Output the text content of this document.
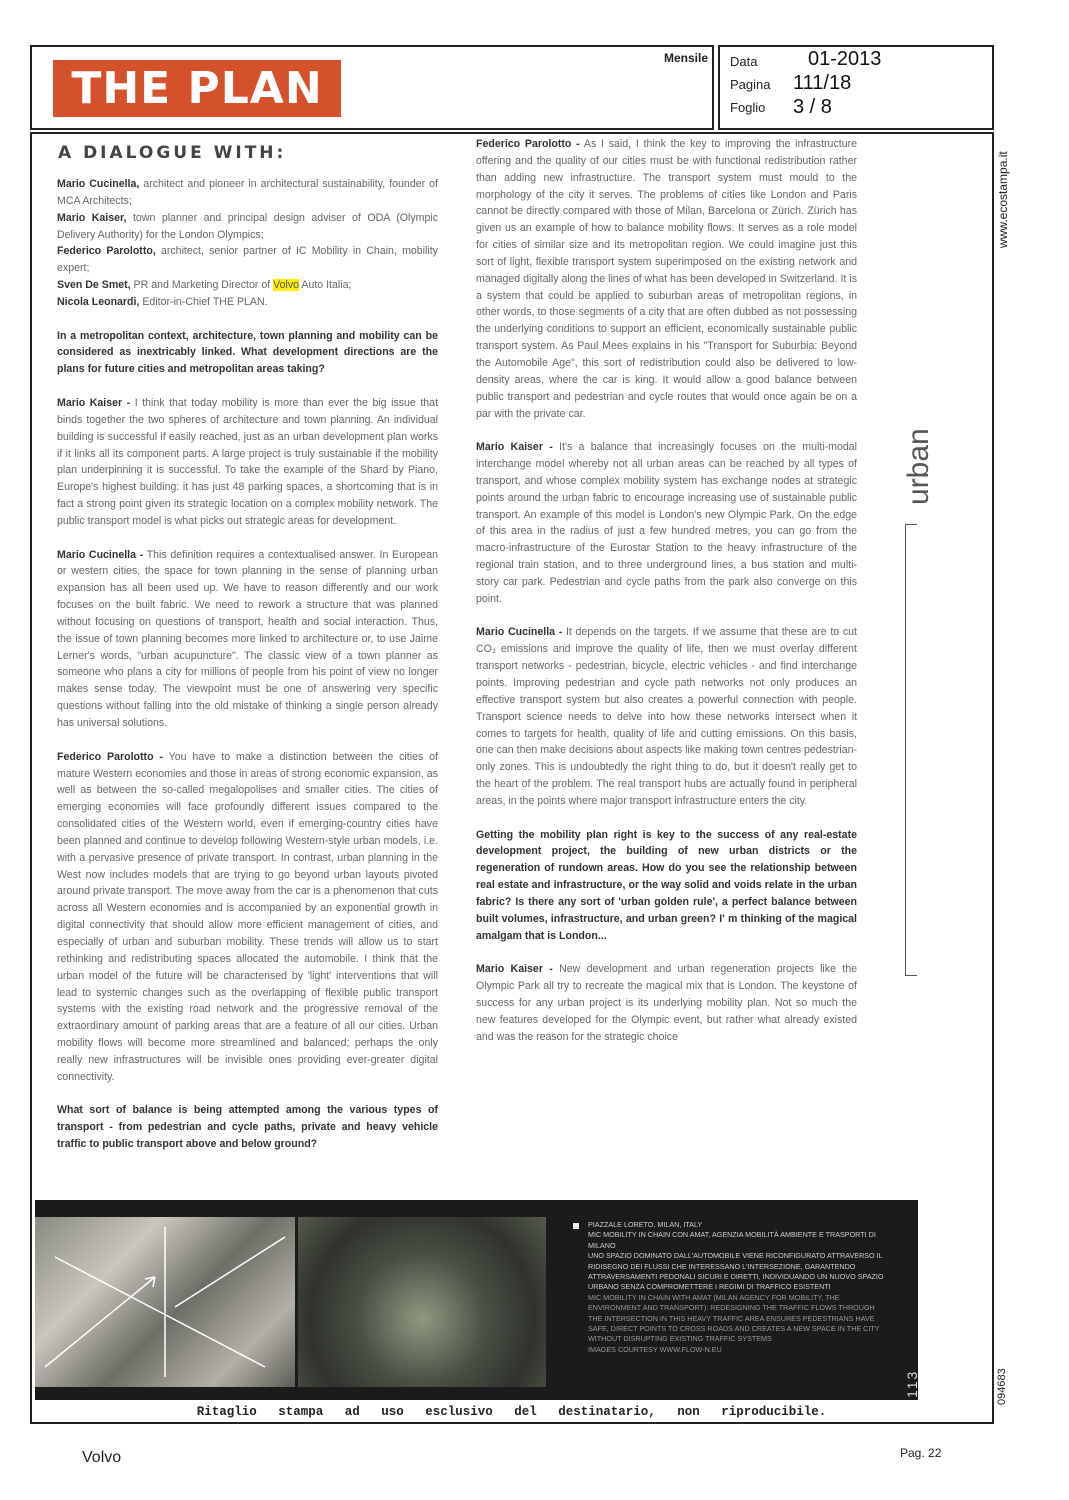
THE PLAN
Mensile Data	01-2013
Pagina 111/18
Foglio 3 / 8
www.ecostampa.it
094683
urban
A DIALOGUE WITH:

Mario Cucinella, architect and pioneer in architectural sustainability, founder of MCA Architects;
Mario Kaiser, town planner and principal design adviser of ODA (Olympic Delivery Authority) for the London Olympics;
Federico Parolotto, architect, senior partner of IC Mobility in Chain, mobility expert;
Sven De Smet, PR and Marketing Director of Volvo Auto Italia;
Nicola Leonardi, Editor-in-Chief THE PLAN.

In a metropolitan context, architecture, town planning and mobility can be considered as inextricably linked. What development directions are the plans for future cities and metropolitan areas taking?

Mario Kaiser - I think that today mobility is more than ever the big issue that binds together the two spheres of architecture and town planning. An individual building is successful if easily reached, just as an urban development plan works if it links all its component parts. A large project is truly sustainable if the mobility plan underpinning it is successful. To take the example of the Shard by Piano, Europe's highest building: it has just 48 parking spaces, a shortcoming that is in fact a strong point given its strategic location on a complex mobility network. The public transport model is what picks out strategic areas for development.

Mario Cucinella - This definition requires a contextualised answer. In European or western cities, the space for town planning in the sense of planning urban expansion has all been used up. We have to reason differently and our work focuses on the built fabric. We need to rework a structure that was planned without focusing on questions of transport, health and social interaction. Thus, the issue of town planning becomes more linked to architecture or, to use Jaime Lerner's words, "urban acupuncture". The classic view of a town planner as someone who plans a city for millions of people from his point of view no longer makes sense today. The viewpoint must be one of answering very specific questions without falling into the old mistake of thinking a single person already has universal solutions.

Federico Parolotto - You have to make a distinction between the cities of mature Western economies and those in areas of strong economic expansion, as well as between the so-called megalopolises and smaller cities. The cities of emerging economies will face profoundly different issues compared to the consolidated cities of the Western world, even if emerging-country cities have been planned and continue to develop following Western-style urban models, i.e. with a pervasive presence of private transport. In contrast, urban planning in the West now includes models that are trying to go beyond urban layouts pivoted around private transport. The move away from the car is a phenomenon that cuts across all Western economies and is accompanied by an exponential growth in digital connectivity that should allow more efficient management of cities, and especially of urban and suburban mobility. These trends will allow us to start rethinking and redistributing spaces allocated the automobile. I think that the urban model of the future will be characterised by 'light' interventions that will lead to systemic changes such as the overlapping of flexible public transport systems with the existing road network and the progressive removal of the extraordinary amount of parking areas that are a feature of all our cities. Urban mobility flows will become more streamlined and balanced; perhaps the only really new infrastructures will be invisible ones providing ever-greater digital connectivity.

What sort of balance is being attempted among the various types of transport - from pedestrian and cycle paths, private and heavy vehicle traffic to public transport above and below ground?

Federico Parolotto - As I said, I think the key to improving the infrastructure offering and the quality of our cities must be with functional redistribution rather than adding new infrastructure. The transport system must mould to the morphology of the city it serves. The problems of cities like London and Paris cannot be directly compared with those of Milan, Barcelona or Zürich. Zürich has given us an example of how to balance mobility flows. It serves as a role model for cities of similar size and its metropolitan region. We could imagine just this sort of light, flexible transport system superimposed on the existing network and managed digitally along the lines of what has been developed in Switzerland. It is a system that could be applied to suburban areas of metropolitan regions, in other words, to those segments of a city that are often dubbed as not possessing the underlying conditions to support an efficient, economically sustainable public transport system. As Paul Mees explains in his "Transport for Suburbia: Beyond the Automobile Age", this sort of redistribution could also be delivered to low-density areas, where the car is king. It would allow a good balance between public transport and pedestrian and cycle routes that would once again be on a par with the private car.

Mario Kaiser - It's a balance that increasingly focuses on the multi-modal interchange model whereby not all urban areas can be reached by all types of transport, and whose complex mobility system has exchange nodes at strategic points around the urban fabric to encourage increasing use of sustainable public transport. An example of this model is London's new Olympic Park. On the edge of this area in the radius of just a few hundred metres, you can go from the macro-infrastructure of the Eurostar Station to the heavy infrastructure of the regional train station, and to three underground lines, a bus station and multi-story car park. Pedestrian and cycle paths from the park also converge on this point.

Mario Cucinella - It depends on the targets. If we assume that these are to cut CO₂ emissions and improve the quality of life, then we must overlay different transport networks - pedestrian, bicycle, electric vehicles - and find interchange points. Improving pedestrian and cycle path networks not only produces an effective transport system but also creates a powerful connection with people. Transport science needs to delve into how these networks intersect when it comes to targets for health, quality of life and cutting emissions. On this basis, one can then make decisions about aspects like making town centres pedestrian-only zones. This is undoubtedly the right thing to do, but it doesn't really get to the heart of the problem. The real transport hubs are actually found in peripheral areas, in the points where major transport infrastructure enters the city.

Getting the mobility plan right is key to the success of any real-estate development project, the building of new urban districts or the regeneration of rundown areas. How do you see the relationship between real estate and infrastructure, or the way solid and voids relate in the urban fabric? Is there any sort of 'urban golden rule', a perfect balance between built volumes, infrastructure, and urban green? I' m thinking of the magical amalgam that is London...

Mario Kaiser - New development and urban regeneration projects like the Olympic Park all try to recreate the magical mix that is London. The keystone of success for any urban project is its underlying mobility plan. Not so much the new features developed for the Olympic event, but rather what already existed and was the reason for the strategic choice

PIAZZALE LORETO, MILAN, ITALY
MIC MOBILITY IN CHAIN CON AMAT, AGENZIA MOBILITÀ AMBIENTE E TRASPORTI DI MILANO
UNO SPAZIO DOMINATO DALL'AUTOMOBILE VIENE RICONFIGURATO ATTRAVERSO IL RIDISEGNO DEI FLUSSI CHE INTERESSANO L'INTERSEZIONE, GARANTENDO ATTRAVERSAMENTI PEDONALI SICURI E DIRETTI, INDIVIDUANDO UN NUOVO SPAZIO URBANO SENZA COMPROMETTERE I REGIMI DI TRAFFICO ESISTENTI
MIC MOBILITY IN CHAIN WITH AMAT (MILAN AGENCY FOR MOBILITY, THE ENVIRONMENT AND TRANSPORT): REDESIGNING THE TRAFFIC FLOWS THROUGH THE INTERSECTION IN THIS HEAVY TRAFFIC AREA ENSURES PEDESTRIANS HAVE SAFE, DIRECT POINTS TO CROSS ROADS AND CREATES A NEW SPACE IN THE CITY WITHOUT DISRUPTING EXISTING TRAFFIC SYSTEMS
IMAGES COURTESY WWW.FLOW-N.EU
113
Ritaglio stampa ad uso esclusivo del destinatario, non riproducibile.
Volvo	Pag. 22
